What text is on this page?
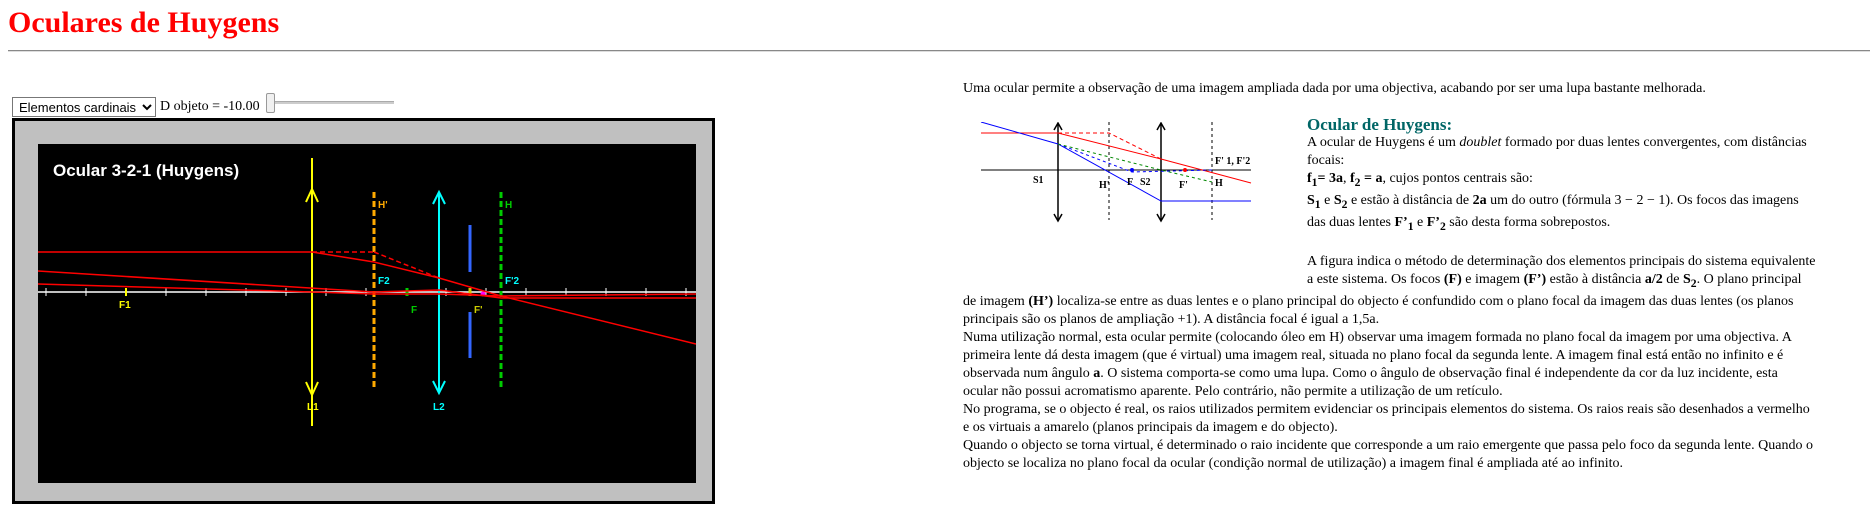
Oculares de Huygens
Elementos cardinais
D objeto = -10.00
Ocular 3-2-1 (Huygens)
F1
L1
H'
F2
L2
H
F'2
F	F'

Uma ocular permite a observação de uma imagem ampliada dada por uma objectiva, acabando por ser uma lupa bastante melhorada.

S1	H' F S2	F'	H
F' 1, F'2
Ocular de Huygens:

A ocular de Huygens é um doublet formado por duas lentes convergentes, com distâncias focais:

$f_1= 3a$, $f_2 = a$, cujos pontos centrais são:

$S_1$ e $S_2$ e estão à distância de 2a um do outro (fórmula 3 − 2 − 1). Os focos das imagens das duas lentes $F’_1$ e $F’_2$ são desta forma sobrepostos.

A figura indica o método de determinação dos elementos principais do sistema equivalente a este sistema. Os focos (F) e imagem (F’) estão à distância a/2 de $S_2$. O plano principal de imagem (H’) localiza-se entre as duas lentes e o plano principal do objecto é confundido com o plano focal da imagem das duas lentes (os planos principais são os planos de ampliação +1). A distância focal é igual a 1,5a.

Numa utilização normal, esta ocular permite (colocando óleo em H) observar uma imagem formada no plano focal da imagem por uma objectiva. A primeira lente dá desta imagem (que é virtual) uma imagem real, situada no plano focal da segunda lente. A imagem final está então no infinito e é observada num ângulo a. O sistema comporta-se como uma lupa. Como o ângulo de observação final é independente da cor da luz incidente, esta ocular não possui acromatismo aparente. Pelo contrário, não permite a utilização de um retículo.

No programa, se o objecto é real, os raios utilizados permitem evidenciar os principais elementos do sistema. Os raios reais são desenhados a vermelho e os virtuais a amarelo (planos principais da imagem e do objecto).

Quando o objecto se torna virtual, é determinado o raio incidente que corresponde a um raio emergente que passa pelo foco da segunda lente. Quando o objecto se localiza no plano focal da ocular (condição normal de utilização) a imagem final é ampliada até ao infinito.
